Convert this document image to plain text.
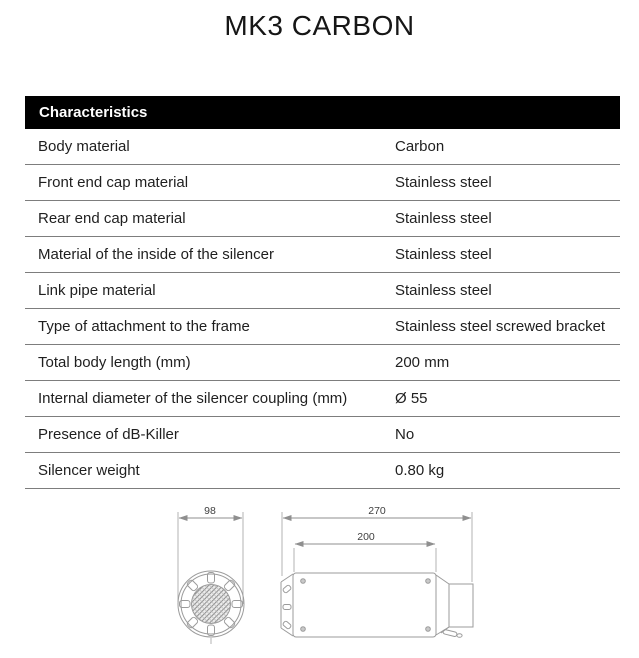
MK3 CARBON
Characteristics
Body material	Carbon
Front end cap material	Stainless steel
Rear end cap material	Stainless steel
Material of the inside of the silencer	Stainless steel
Link pipe material	Stainless steel
Type of attachment to the frame	Stainless steel screwed bracket
Total body length (mm)	200 mm
Internal diameter of the silencer coupling (mm)	Ø 55
Presence of dB-Killer	No
Silencer weight	0.80 kg
98	270
200
